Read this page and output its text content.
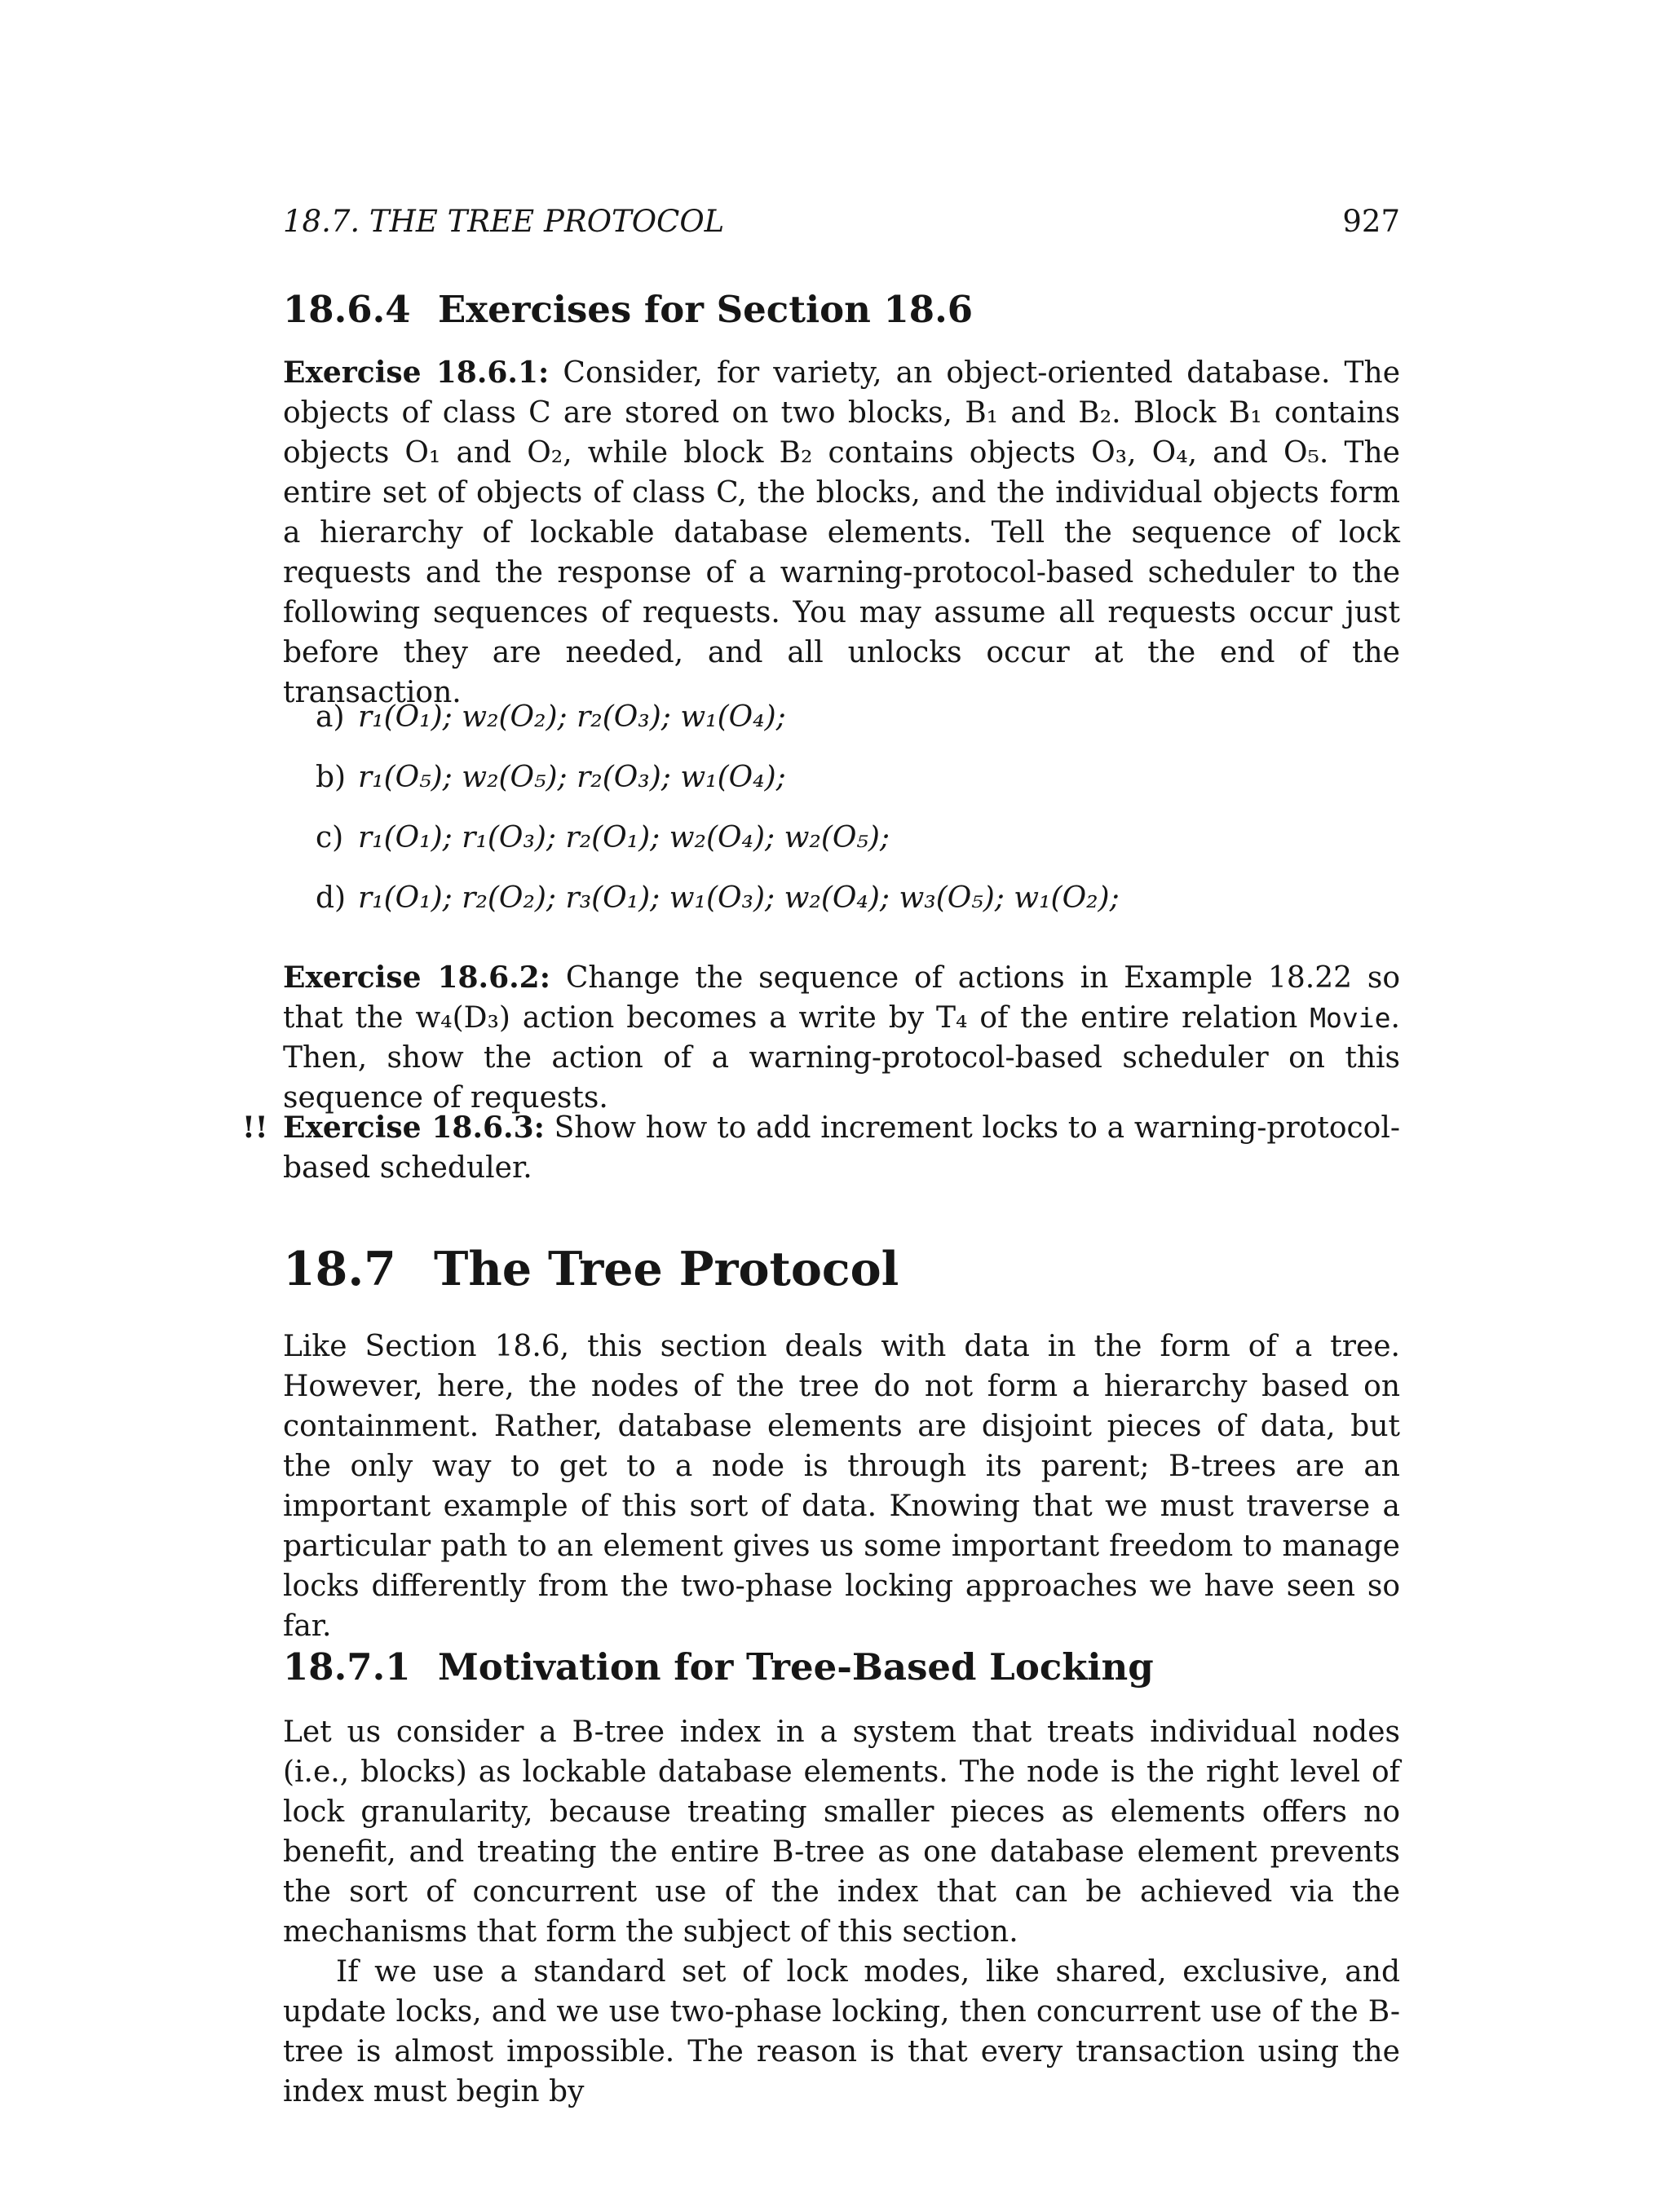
18.7. THE TREE PROTOCOL	927
18.6.4 Exercises for Section 18.6

Exercise 18.6.1: Consider, for variety, an object-oriented database. The objects of class C are stored on two blocks, B₁ and B₂. Block B₁ contains objects O₁ and O₂, while block B₂ contains objects O₃, O₄, and O₅. The entire set of objects of class C, the blocks, and the individual objects form a hierarchy of lockable database elements. Tell the sequence of lock requests and the response of a warning-protocol-based scheduler to the following sequences of requests. You may assume all requests occur just before they are needed, and all unlocks occur at the end of the transaction.

a) r₁(O₁); w₂(O₂); r₂(O₃); w₁(O₄);
b) r₁(O₅); w₂(O₅); r₂(O₃); w₁(O₄);
c) r₁(O₁); r₁(O₃); r₂(O₁); w₂(O₄); w₂(O₅);
d) r₁(O₁); r₂(O₂); r₃(O₁); w₁(O₃); w₂(O₄); w₃(O₅); w₁(O₂);

Exercise 18.6.2: Change the sequence of actions in Example 18.22 so that the w₄(D₃) action becomes a write by T₄ of the entire relation Movie. Then, show the action of a warning-protocol-based scheduler on this sequence of requests.

!! Exercise 18.6.3: Show how to add increment locks to a warning-protocol-based scheduler.

18.7 The Tree Protocol

Like Section 18.6, this section deals with data in the form of a tree. However, here, the nodes of the tree do not form a hierarchy based on containment. Rather, database elements are disjoint pieces of data, but the only way to get to a node is through its parent; B-trees are an important example of this sort of data. Knowing that we must traverse a particular path to an element gives us some important freedom to manage locks differently from the two-phase locking approaches we have seen so far.

18.7.1 Motivation for Tree-Based Locking

Let us consider a B-tree index in a system that treats individual nodes (i.e., blocks) as lockable database elements. The node is the right level of lock granularity, because treating smaller pieces as elements offers no benefit, and treating the entire B-tree as one database element prevents the sort of concurrent use of the index that can be achieved via the mechanisms that form the subject of this section.

If we use a standard set of lock modes, like shared, exclusive, and update locks, and we use two-phase locking, then concurrent use of the B-tree is almost impossible. The reason is that every transaction using the index must begin by
